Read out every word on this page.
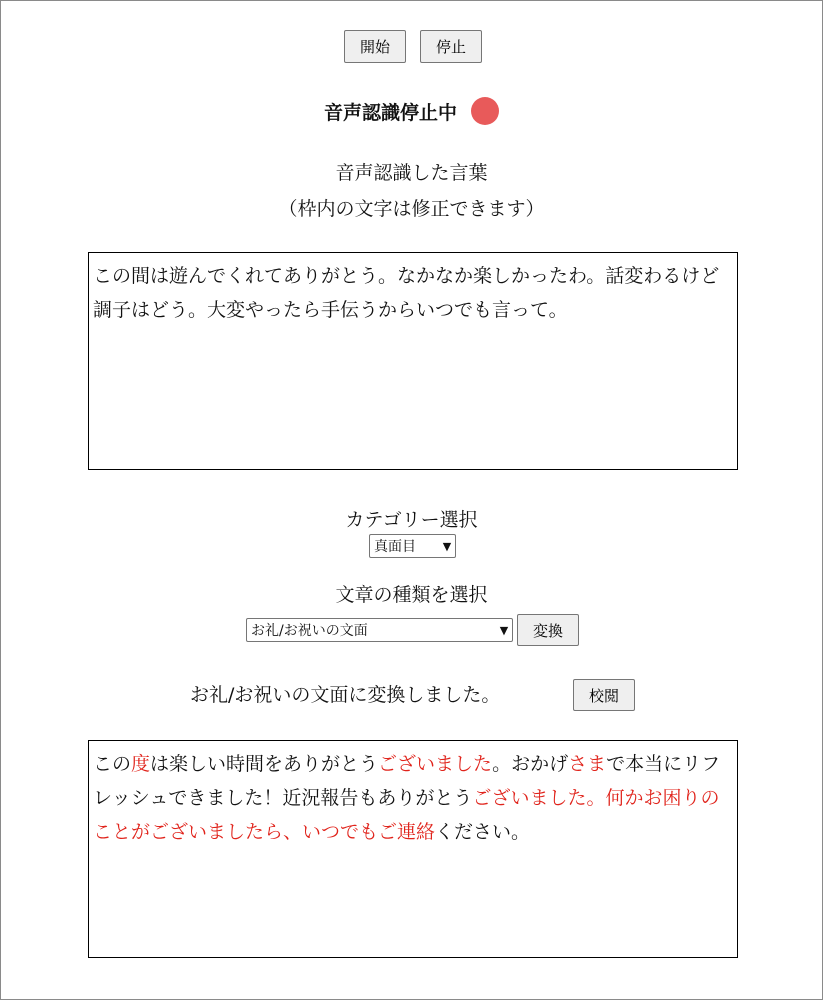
開始	停止
音声認識停止中
音声認識した言葉
（枠内の文字は修正できます）
この間は遊んでくれてありがとう。なかなか楽しかったわ。話変わるけど調子はどう。大変やったら手伝うからいつでも言って。
カテゴリー選択
真面目	▼
文章の種類を選択
お礼/お祝いの文面	▼	変換
お礼/お祝いの文面に変換しました。	校閲
この度は楽しい時間をありがとうございました。おかげさまで本当にリフレッシュできました！近況報告もありがとうございました。何かお困りのことがございましたら、いつでもご連絡ください。
